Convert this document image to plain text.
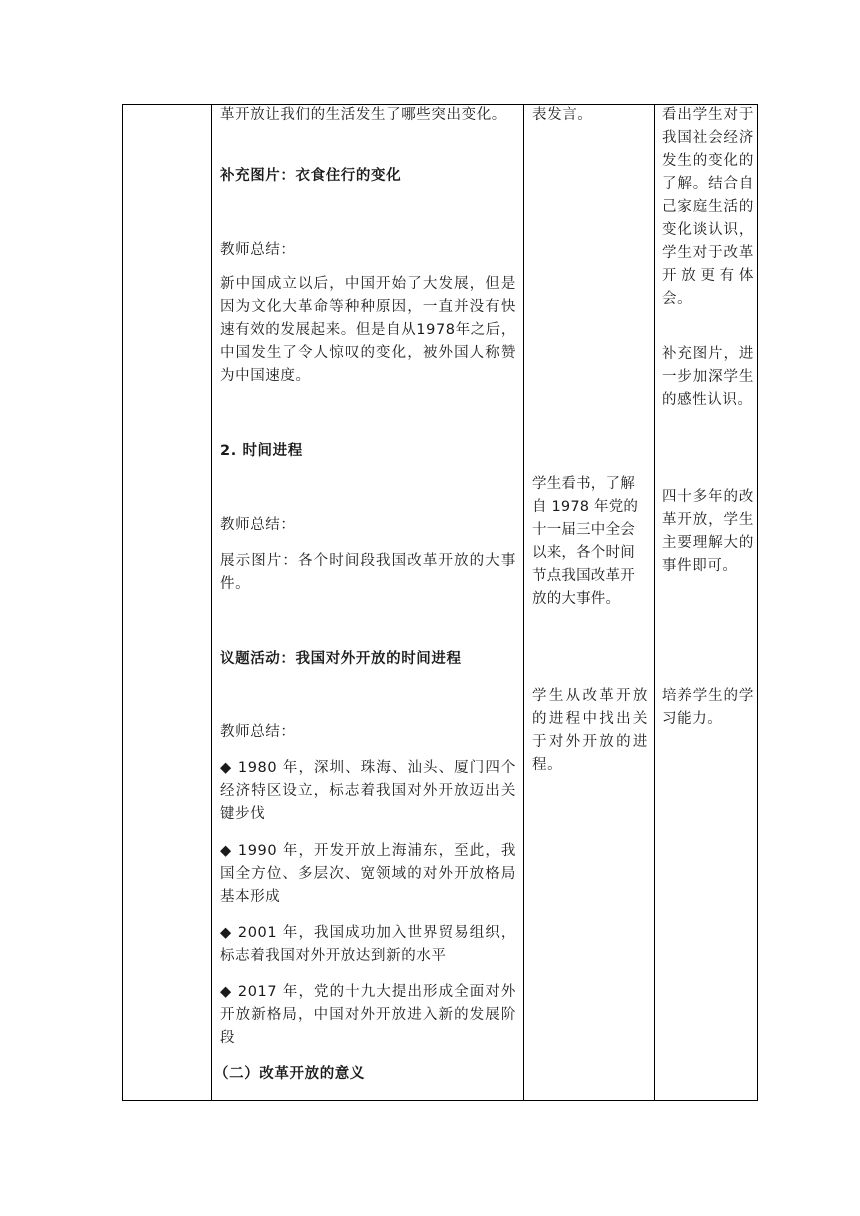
革开放让我们的生活发生了哪些突出变化。

补充图片：衣食住行的变化

教师总结：

新中国成立以后，中国开始了大发展，但是因为文化大革命等种种原因，一直并没有快速有效的发展起来。但是自从1978年之后，中国发生了令人惊叹的变化，被外国人称赞为中国速度。

2. 时间进程

教师总结：

展示图片：各个时间段我国改革开放的大事件。

议题活动：我国对外开放的时间进程

教师总结：

◆ 1980 年，深圳、珠海、汕头、厦门四个经济特区设立，标志着我国对外开放迈出关键步伐

◆ 1990 年，开发开放上海浦东，至此，我国全方位、多层次、宽领域的对外开放格局基本形成

◆ 2001 年，我国成功加入世界贸易组织，标志着我国对外开放达到新的水平

◆ 2017 年，党的十九大提出形成全面对外开放新格局，中国对外开放进入新的发展阶段

（二）改革开放的意义

表发言。

学生看书，了解自 1978 年党的十一届三中全会以来，各个时间节点我国改革开放的大事件。

学生从改革开放的进程中找出关于对外开放的进程。

看出学生对于我国社会经济发生的变化的了解。结合自己家庭生活的变化谈认识，学生对于改革开放更有体会。

补充图片，进一步加深学生的感性认识。

四十多年的改革开放，学生主要理解大的事件即可。

培养学生的学习能力。
